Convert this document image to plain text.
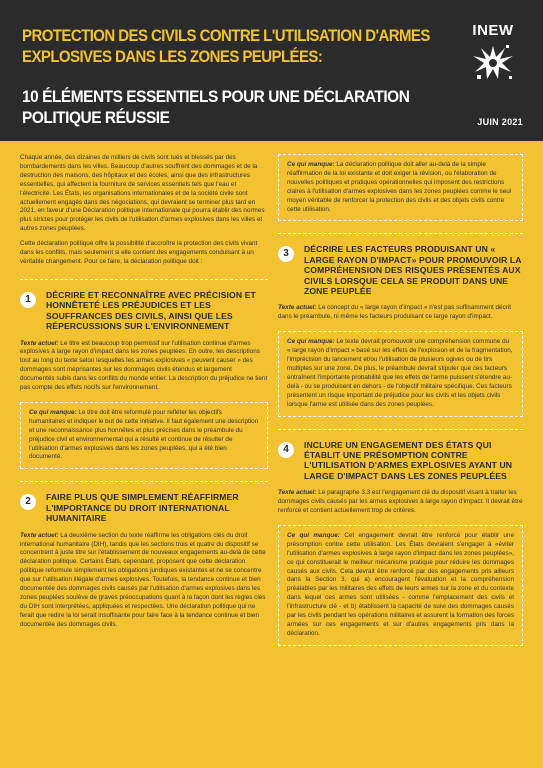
PROTECTION DES CIVILS CONTRE L'UTILISATION D'ARMES EXPLOSIVES DANS LES ZONES PEUPLÉES:
10 ÉLÉMENTS ESSENTIELS POUR UNE DÉCLARATION POLITIQUE RÉUSSIE
INEW
JUIN 2021
Chaque année, des dizaines de milliers de civils sont tués et blessés par des bombardements dans les villes. Beaucoup d'autres souffrent des dommages et de la destruction des maisons, des hôpitaux et des écoles, ainsi que des infrastructures essentielles, qui affectent la fourniture de services essentiels tels que l'eau et l'électricité. Les États, les organisations internationales et de la société civile sont actuellement engagés dans des négociations, qui devraient se terminer plus tard en 2021, en faveur d'une Déclaration politique internationale qui pourra établir des normes plus strictes pour protéger les civils de l'utilisation d'armes explosives dans les villes et autres zones peuplées.
Cette déclaration politique offre la possibilité d'accroître la protection des civils vivant dans les conflits, mais seulement si elle contient des engagements conduisant à un véritable changement. Pour ce faire, la déclaration politique doit :
1	DÉCRIRE ET RECONNAÎTRE AVEC PRÉCISION ET HONNÊTETÉ LES PRÉJUDICES ET LES SOUFFRANCES DES CIVILS, AINSI QUE LES RÉPERCUSSIONS SUR L'ENVIRONNEMENT
Texte actuel: Le titre est beaucoup trop permissif sur l'utilisation continue d'armes explosives à large rayon d'impact dans les zones peuplées. En outre, les descriptions tout au long du texte selon lesquelles les armes explosives « peuvent causer » des dommages sont méprisantes sur les dommages civils étendus et largement documentés subis dans les conflits du monde entier. La description du préjudice ne tient pas compte des effets nocifs sur l'environnement.
Ce qui manque: Le titre doit être reformulé pour refléter les objectifs humanitaires et indiquer le but de cette initiative. Il faut également une description et une reconnaissance plus honnêtes et plus précises dans le préambule du préjudice civil et environnemental qui a résulté et continue de résulter de l'utilisation d'armes explosives dans les zones peuplées, qui a été bien documenté.
2	FAIRE PLUS QUE SIMPLEMENT RÉAFFIRMER L'IMPORTANCE DU DROIT INTERNATIONAL HUMANITAIRE
Texte actuel: La deuxième section du texte réaffirme les obligations clés du droit international humanitaire (DIH), tandis que les sections trois et quatre du dispositif se concentrent à juste titre sur l'établissement de nouveaux engagements au-delà de cette déclaration politique. Certains États, cependant, proposent que cette déclaration politique reformule simplement les obligations juridiques existantes et ne se concentre que sur l'utilisation illégale d'armes explosives. Toutefois, la tendance continue et bien documentée des dommages civils causés par l'utilisation d'armes explosives dans les zones peuplées soulève de graves préoccupations quant à la façon dont les règles clés du DIH sont interprétées, appliquées et respectées. Une déclaration politique qui ne ferait que redire la loi serait insuffisante pour faire face à la tendance continue et bien documentée des dommages civils.
Ce qui manque: La déclaration politique doit aller au-delà de la simple réaffirmation de la loi existante et doit exiger la révision, ou l'élaboration de nouvelles politiques et pratiques opérationnelles qui imposent des restrictions claires à l'utilisation d'armes explosives dans les zones peuplées comme le seul moyen véritable de renforcer la protection des civils et des objets civils contre cette utilisation.
3	DÉCRIRE LES FACTEURS PRODUISANT UN « LARGE RAYON D'IMPACT» POUR PROMOUVOIR LA COMPRÉHENSION DES RISQUES PRÉSENTÉS AUX CIVILS LORSQUE CELA SE PRODUIT DANS UNE ZONE PEUPLÉE
Texte actuel: Le concept du « large rayon d'impact » n'est pas suffisamment décrit dans le préambule, ni même les facteurs produisant ce large rayon d'impact.
Ce qui manque: Le texte devrait promouvoir une compréhension commune du « large rayon d'impact » basé sur les effets de l'explosion et de la fragmentation, l'imprécision du lancement et/ou l'utilisation de plusieurs ogives ou de tirs multiples sur une zone. De plus, le préambule devrait stipuler que ces facteurs entraînent l'importante probabilité que les effets de l'arme puissent s'étendre au-delà - ou se produisent en dehors - de l'objectif militaire spécifique. Ces facteurs présentent un risque important de préjudice pour les civils et les objets civils lorsque l'arme est utilisée dans des zones peuplées.
4	INCLURE UN ENGAGEMENT DES ÉTATS QUI ÉTABLIT UNE PRÉSOMPTION CONTRE L'UTILISATION D'ARMES EXPLOSIVES AYANT UN LARGE D'IMPACT DANS LES ZONES PEUPLÉES
Texte actuel: Le paragraphe 3.3 est l'engagement clé du dispositif visant à traiter les dommages civils causés par les armes explosives à large rayon d'impact. Il devrait être renforcé et contient actuellement trop de critères.
Ce qui manque: Cet engagement devrait être renforcé pour établir une présomption contre cette utilisation. Les États devraient s'engager à «éviter l'utilisation d'armes explosives à large rayon d'impact dans les zones peuplées», ce qui constituerait le meilleur mécanisme pratique pour réduire les dommages causés aux civils. Cela devrait être renforcé par des engagements pris ailleurs dans la Section 3, qui a) encouragent l'évaluation et la compréhension préalables par les militaires des effets de leurs armes sur la zone et du contexte dans lequel ces armes sont utilisées - comme l'emplacement des civils et l'infrastructure clé - et b) établissent la capacité de suivi des dommages causés par les civils pendant les opérations militaires et assurent la formation des forces armées sur ces engagements et sur d'autres engagements pris dans la déclaration.
